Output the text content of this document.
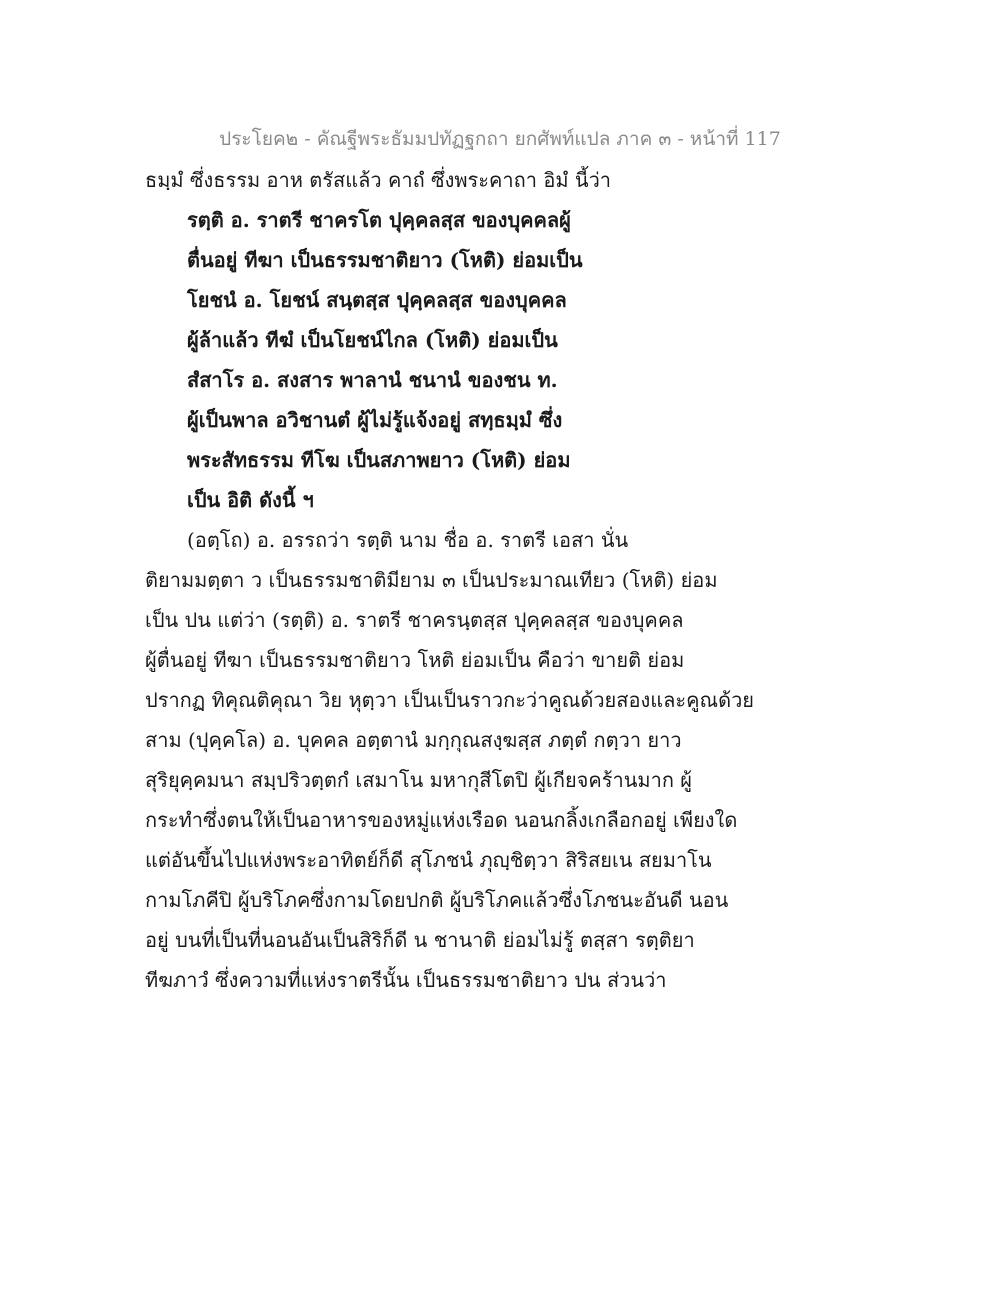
ประโยค๒ - คัณฐีพระธัมมปทัฏฐกถา ยกศัพท์แปล ภาค ๓ - หน้าที่ 117
ธมฺมํ ซึ่งธรรม อาห ตรัสแล้ว คาถํ ซึ่งพระคาถา อิมํ นี้ว่า
รตฺติ อ. ราตรี ชาครโต ปุคฺคลสฺส ของบุคคลผู้
ตื่นอยู่ ทีฆา เป็นธรรมชาติยาว (โหติ) ย่อมเป็น
โยชนํ อ. โยชน์ สนฺตสฺส ปุคฺคลสฺส ของบุคคล
ผู้ล้าแล้ว ทีฆํ เป็นโยชน์ไกล (โหติ) ย่อมเป็น
สํสาโร อ. สงสาร พาลานํ ชนานํ ของชน ท.
ผู้เป็นพาล อวิชานตํ ผู้ไม่รู้แจ้งอยู่ สทฺธมฺมํ ซึ่ง
พระสัทธรรม ทีโฆ เป็นสภาพยาว (โหติ) ย่อม
เป็น อิติ ดังนี้ ฯ
(อตฺโถ) อ. อรรถว่า รตฺติ นาม ชื่อ อ. ราตรี เอสา นั่น
ติยามมตฺตา ว เป็นธรรมชาติมียาม ๓ เป็นประมาณเทียว (โหติ) ย่อม
เป็น ปน แต่ว่า (รตฺติ) อ. ราตรี ชาครนฺตสฺส ปุคฺคลสฺส ของบุคคล
ผู้ตื่นอยู่ ทีฆา เป็นธรรมชาติยาว โหติ ย่อมเป็น คือว่า ขายติ ย่อม
ปรากฏ ทิคุณติคุณา วิย หุตฺวา เป็นเป็นราวกะว่าคูณด้วยสองและคูณด้วย
สาม (ปุคฺคโล) อ. บุคคล อตฺตานํ มกฺกุณสงฺฆสฺส ภตฺตํ กตฺวา ยาว
สุริยุคฺคมนา สมฺปริวตฺตกํ เสมาโน มหากุสีโตปิ ผู้เกียจคร้านมาก ผู้
กระทำซึ่งตนให้เป็นอาหารของหมู่แห่งเรือด นอนกลิ้งเกลือกอยู่ เพียงใด
แต่อันขึ้นไปแห่งพระอาทิตย์ก็ดี สุโภชนํ ภุญฺชิตฺวา สิริสยเน สยมาโน
กามโภคีปิ ผู้บริโภคซึ่งกามโดยปกติ ผู้บริโภคแล้วซึ่งโภชนะอันดี นอน
อยู่ บนที่เป็นที่นอนอันเป็นสิริก็ดี น ชานาติ ย่อมไม่รู้ ตสฺสา รตฺติยา
ทีฆภาวํ ซึ่งความที่แห่งราตรีนั้น เป็นธรรมชาติยาว ปน ส่วนว่า
